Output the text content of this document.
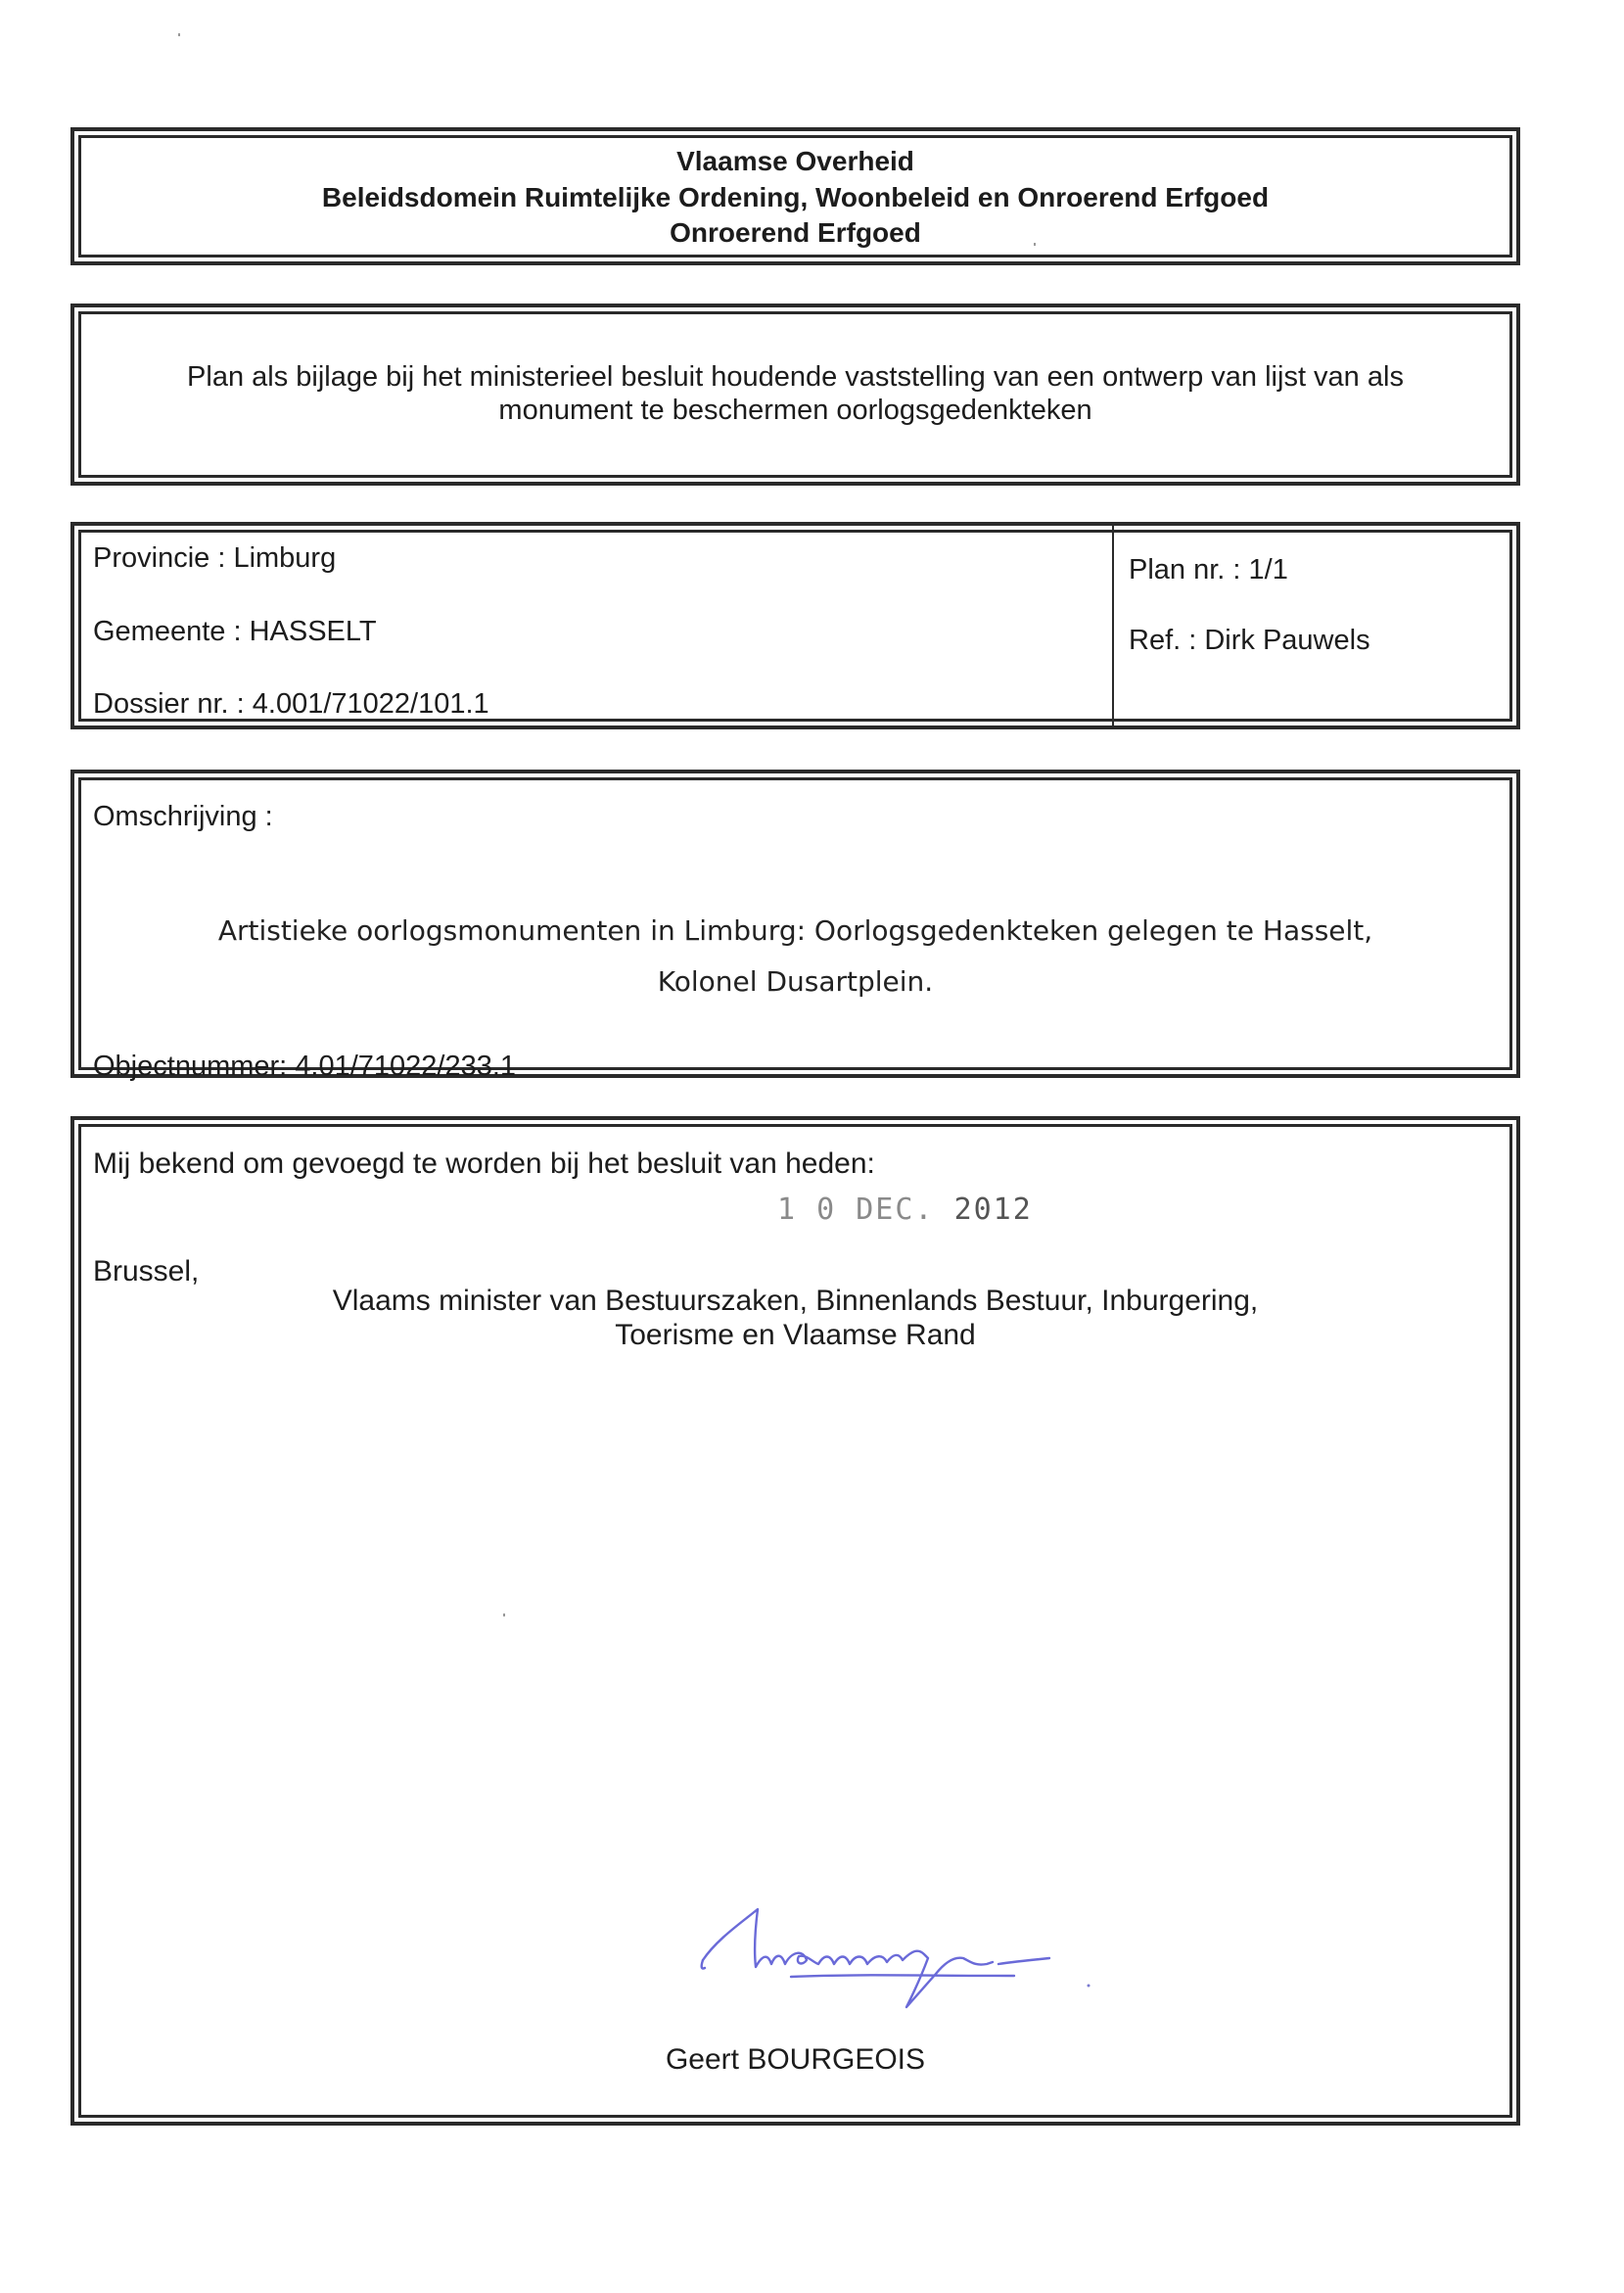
Vlaamse Overheid
Beleidsdomein Ruimtelijke Ordening, Woonbeleid en Onroerend Erfgoed
Onroerend Erfgoed
Plan als bijlage bij het ministerieel besluit houdende vaststelling van een ontwerp van lijst van als
monument te beschermen oorlogsgedenkteken
Provincie : Limburg
Gemeente : HASSELT
Dossier nr. : 4.001/71022/101.1
Plan nr. : 1/1
Ref. : Dirk Pauwels
Omschrijving :
Artistieke oorlogsmonumenten in Limburg: Oorlogsgedenkteken gelegen te Hasselt,
Kolonel Dusartplein.
Objectnummer: 4.01/71022/233.1
Mij bekend om gevoegd te worden bij het besluit van heden:
1 0 DEC. 2012
Brussel,
Vlaams minister van Bestuurszaken, Binnenlands Bestuur, Inburgering,
Toerisme en Vlaamse Rand
Geert BOURGEOIS
